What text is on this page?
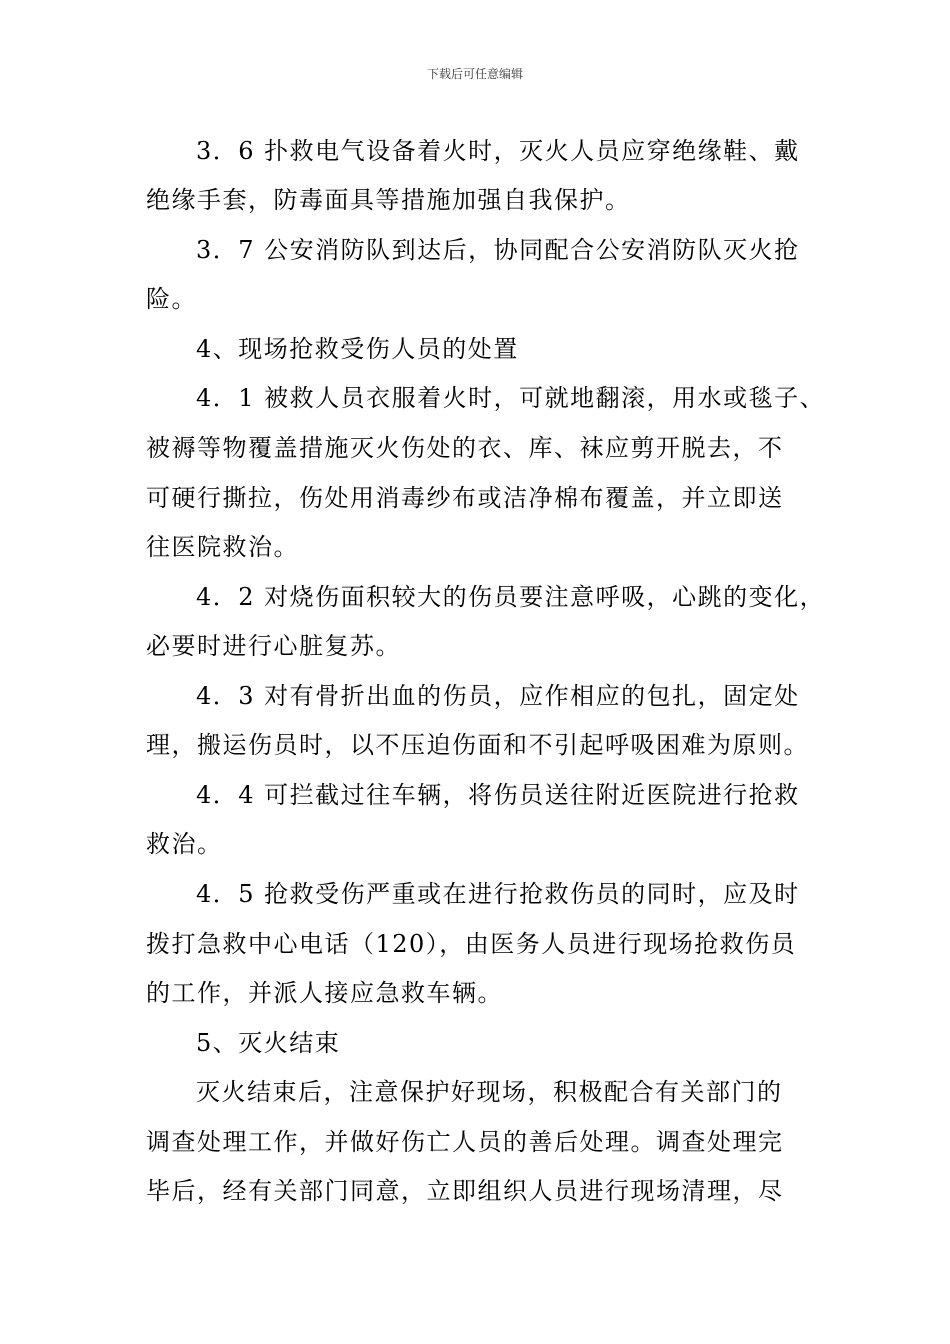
下载后可任意编辑
3．6 扑救电气设备着火时，灭火人员应穿绝缘鞋、戴
绝缘手套，防毒面具等措施加强自我保护。
3．7 公安消防队到达后，协同配合公安消防队灭火抢
险。
4、现场抢救受伤人员的处置
4．1 被救人员衣服着火时，可就地翻滚，用水或毯子、
被褥等物覆盖措施灭火伤处的衣、库、袜应剪开脱去，不
可硬行撕拉，伤处用消毒纱布或洁净棉布覆盖，并立即送
往医院救治。
4．2 对烧伤面积较大的伤员要注意呼吸，心跳的变化，
必要时进行心脏复苏。
4．3 对有骨折出血的伤员，应作相应的包扎，固定处
理，搬运伤员时，以不压迫伤面和不引起呼吸困难为原则。
4．4 可拦截过往车辆，将伤员送往附近医院进行抢救
救治。
4．5 抢救受伤严重或在进行抢救伤员的同时，应及时
拨打急救中心电话（120），由医务人员进行现场抢救伤员
的工作，并派人接应急救车辆。
5、灭火结束
灭火结束后，注意保护好现场，积极配合有关部门的
调查处理工作，并做好伤亡人员的善后处理。调查处理完
毕后，经有关部门同意，立即组织人员进行现场清理，尽
